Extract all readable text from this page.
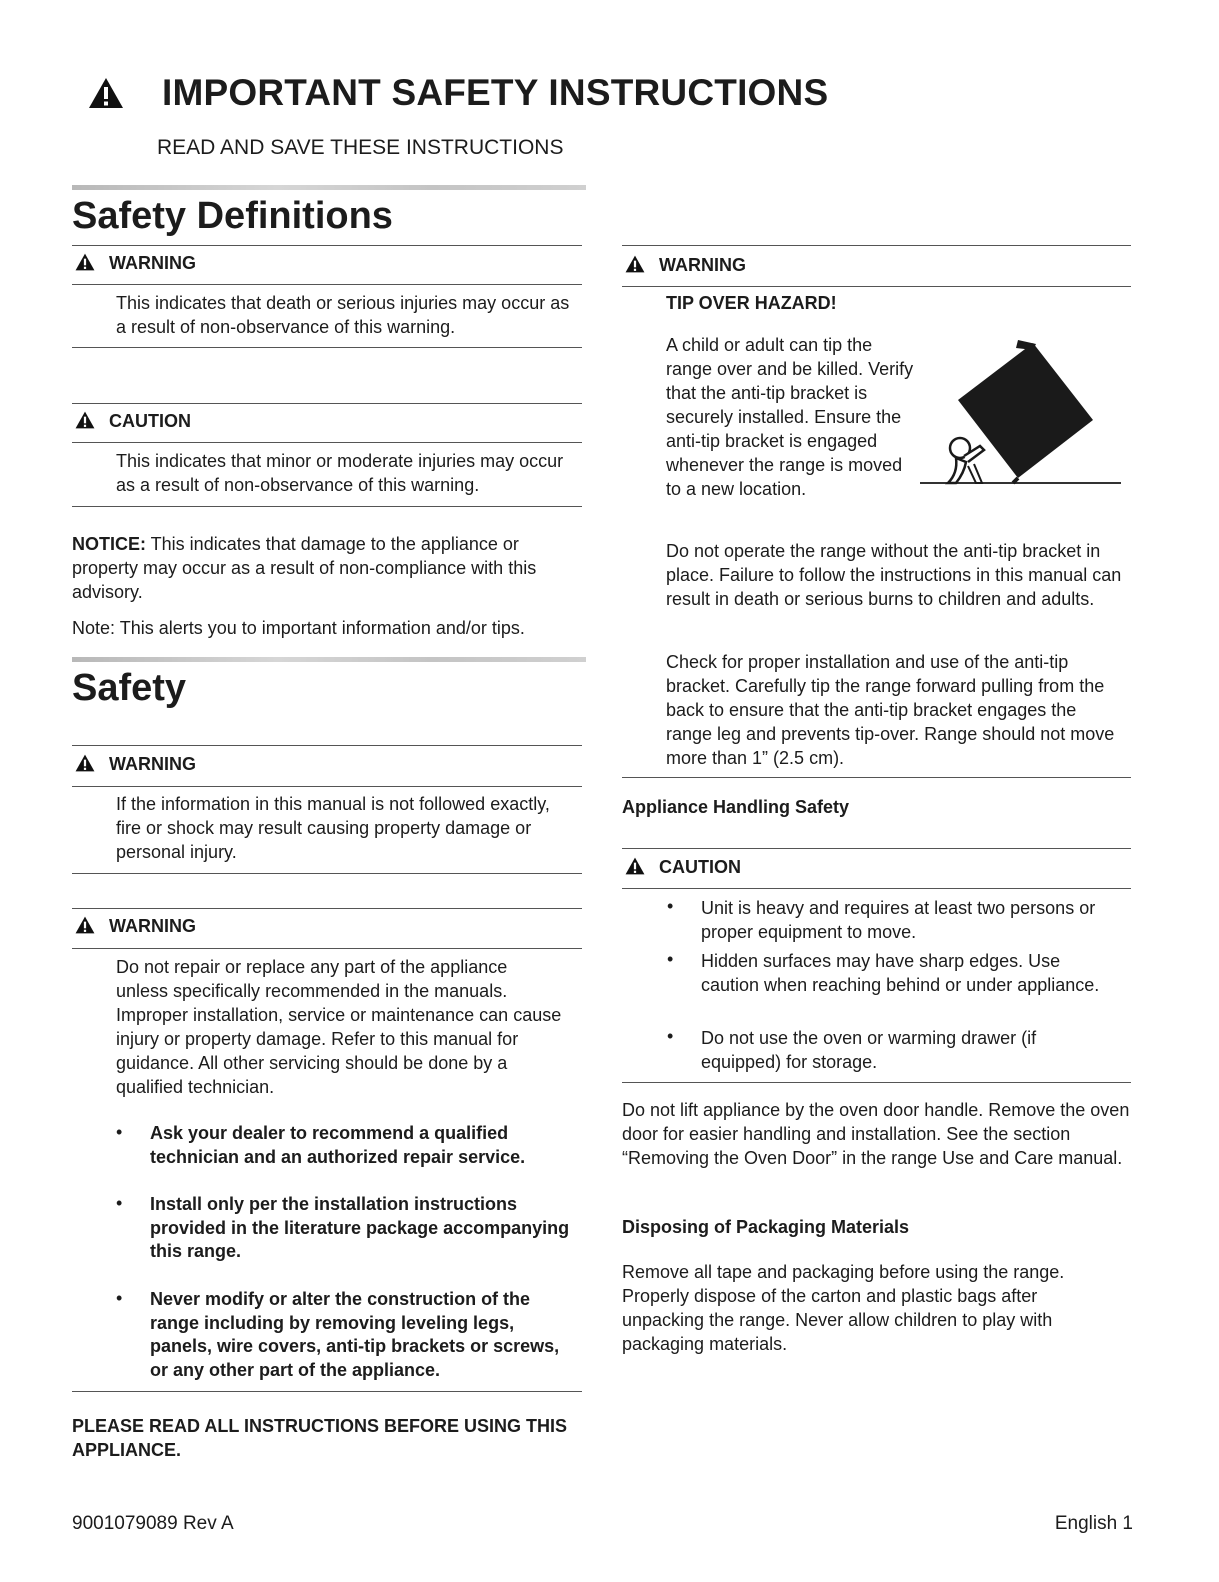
IMPORTANT SAFETY INSTRUCTIONS
READ AND SAVE THESE INSTRUCTIONS
Safety Definitions
WARNING
This indicates that death or serious injuries may occur as a result of non-observance of this warning.
CAUTION
This indicates that minor or moderate injuries may occur as a result of non-observance of this warning.
NOTICE: This indicates that damage to the appliance or property may occur as a result of non-compliance with this advisory.
Note: This alerts you to important information and/or tips.
Safety
WARNING
If the information in this manual is not followed exactly, fire or shock may result causing property damage or personal injury.
WARNING
Do not repair or replace any part of the appliance unless specifically recommended in the manuals. Improper installation, service or maintenance can cause injury or property damage. Refer to this manual for guidance. All other servicing should be done by a qualified technician.
• Ask your dealer to recommend a qualified technician and an authorized repair service.
• Install only per the installation instructions provided in the literature package accompanying this range.
• Never modify or alter the construction of the range including by removing leveling legs, panels, wire covers, anti-tip brackets or screws, or any other part of the appliance.
PLEASE READ ALL INSTRUCTIONS BEFORE USING THIS APPLIANCE.
WARNING
TIP OVER HAZARD!
A child or adult can tip the range over and be killed. Verify that the anti-tip bracket is securely installed. Ensure the anti-tip bracket is engaged whenever the range is moved to a new location.
Do not operate the range without the anti-tip bracket in place. Failure to follow the instructions in this manual can result in death or serious burns to children and adults.
Check for proper installation and use of the anti-tip bracket. Carefully tip the range forward pulling from the back to ensure that the anti-tip bracket engages the range leg and prevents tip-over. Range should not move more than 1” (2.5 cm).
Appliance Handling Safety
CAUTION
• Unit is heavy and requires at least two persons or proper equipment to move.
• Hidden surfaces may have sharp edges. Use caution when reaching behind or under appliance.
• Do not use the oven or warming drawer (if equipped) for storage.
Do not lift appliance by the oven door handle. Remove the oven door for easier handling and installation. See the section “Removing the Oven Door” in the range Use and Care manual.
Disposing of Packaging Materials
Remove all tape and packaging before using the range. Properly dispose of the carton and plastic bags after unpacking the range. Never allow children to play with packaging materials.
9001079089 Rev A	English 1
